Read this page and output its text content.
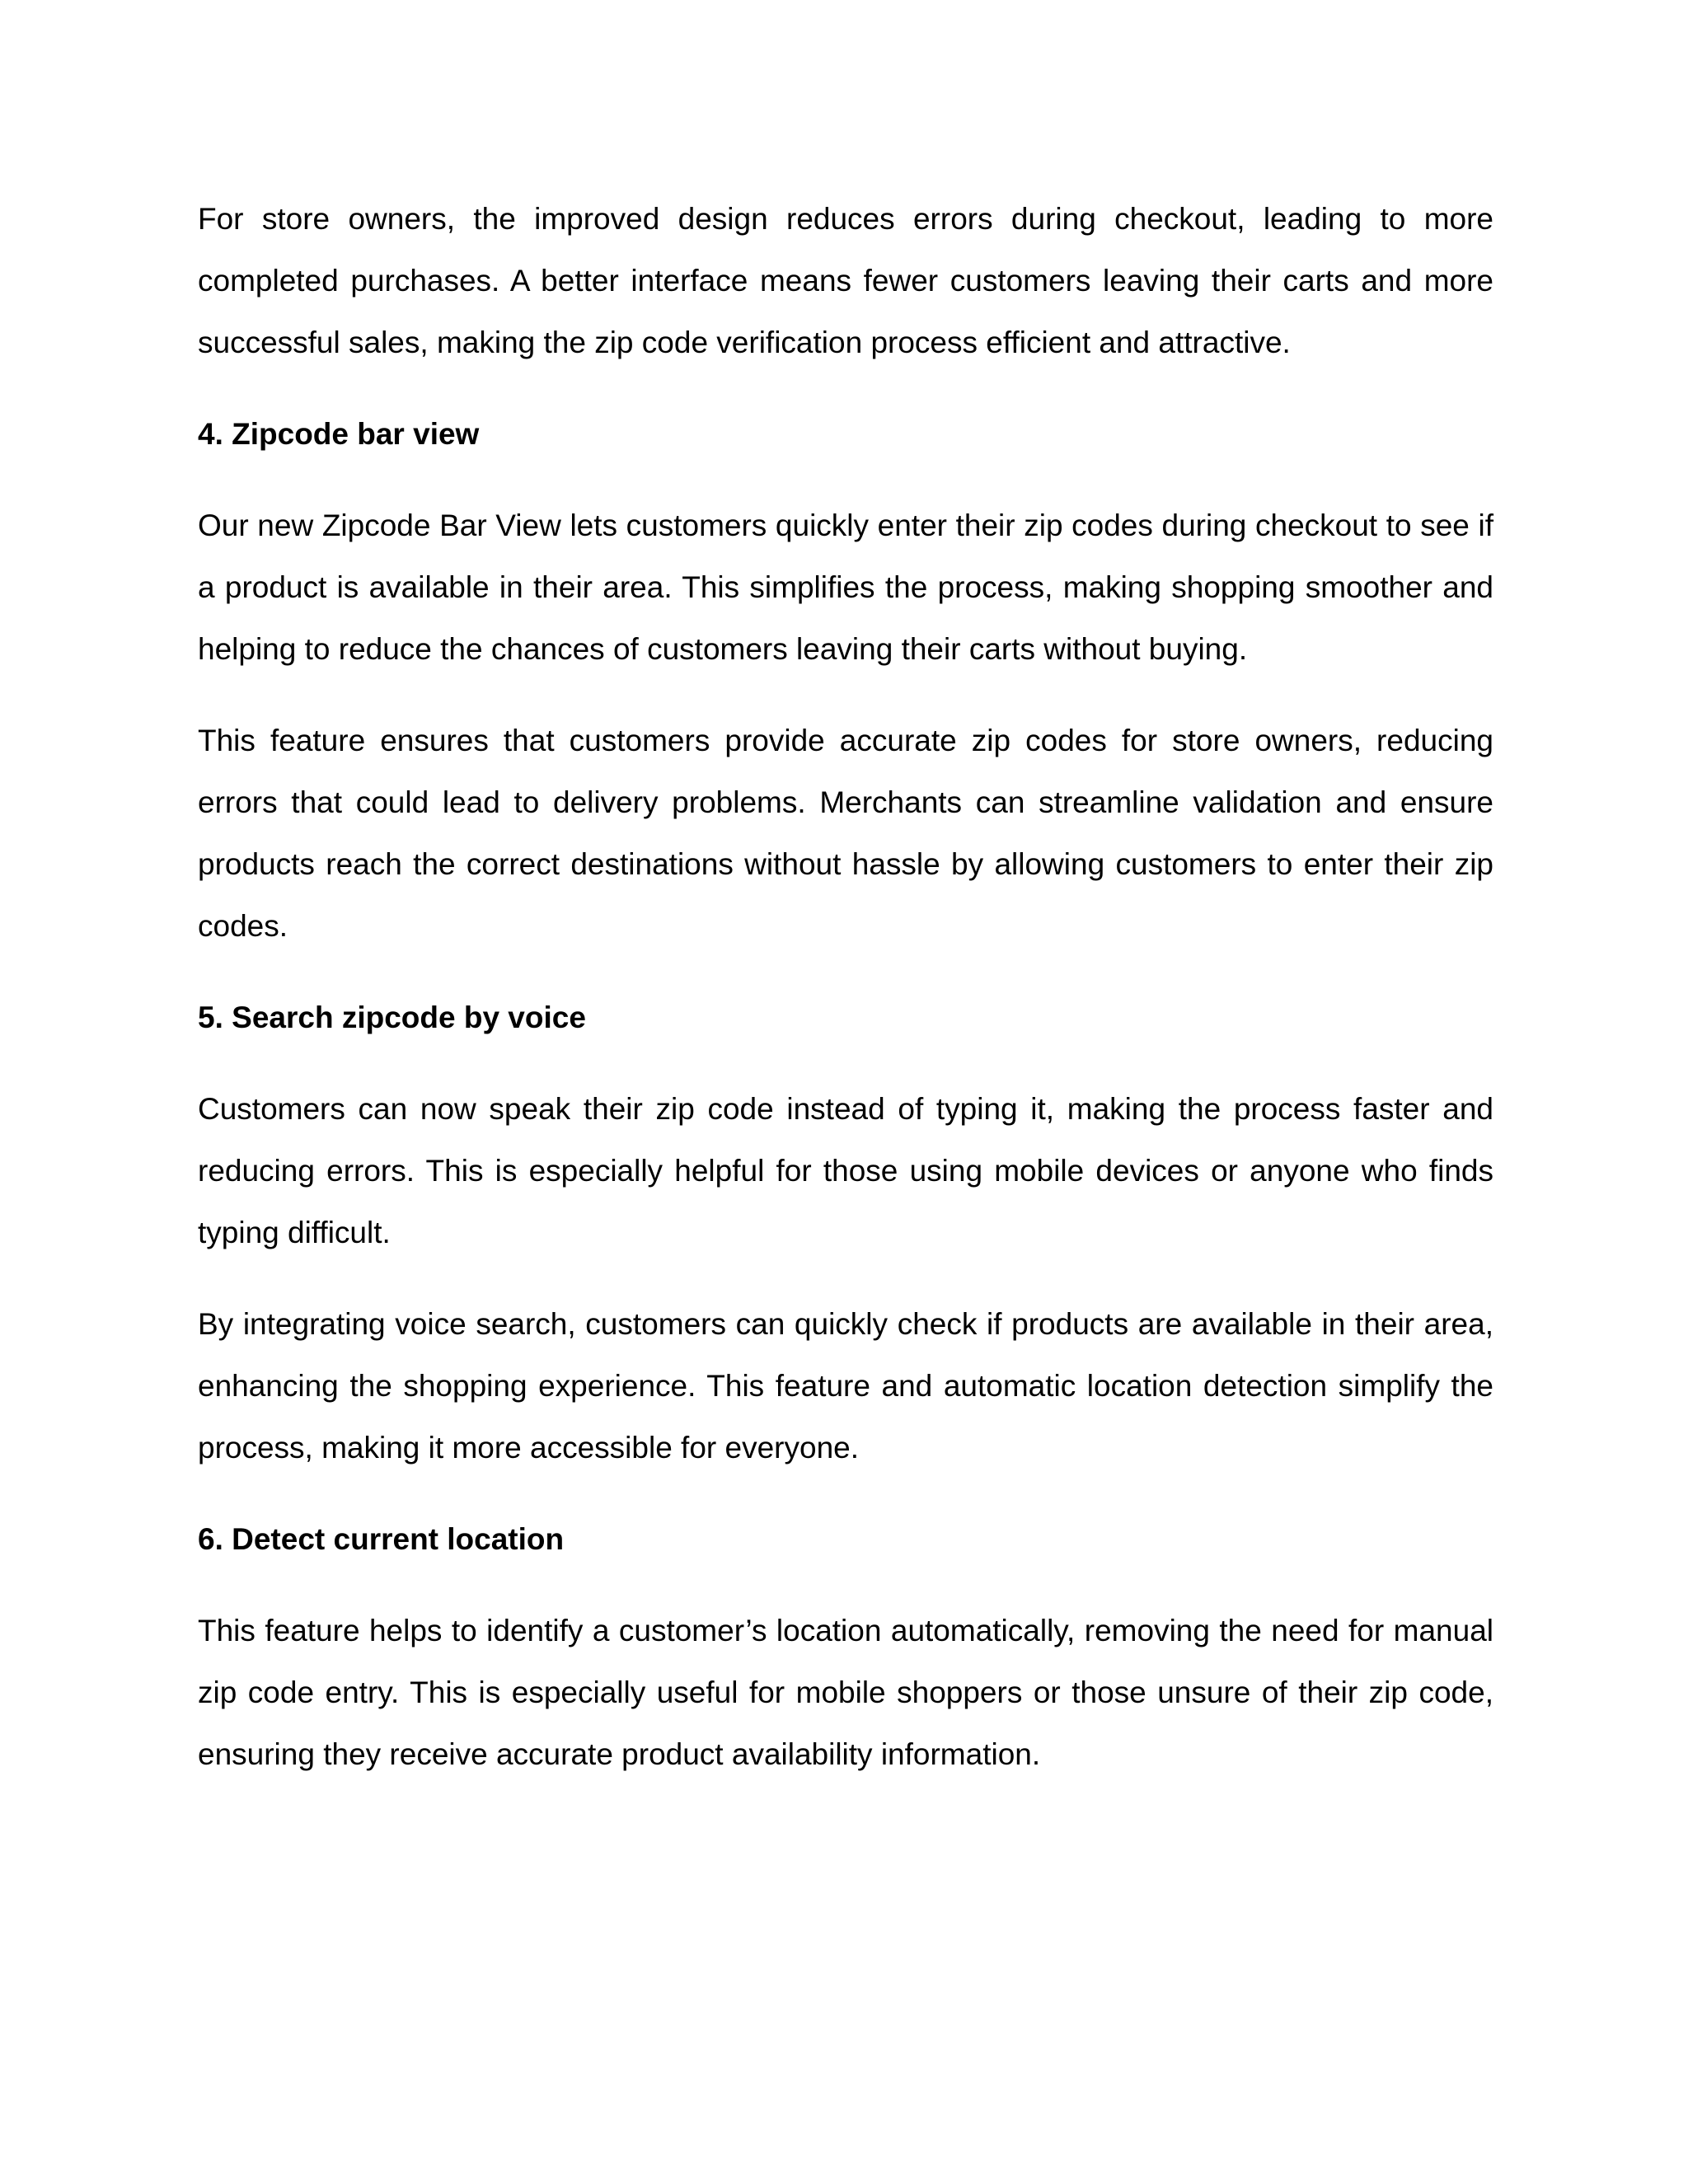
For store owners, the improved design reduces errors during checkout, leading to more completed purchases. A better interface means fewer customers leaving their carts and more successful sales, making the zip code verification process efficient and attractive.

4. Zipcode bar view

Our new Zipcode Bar View lets customers quickly enter their zip codes during checkout to see if a product is available in their area. This simplifies the process, making shopping smoother and helping to reduce the chances of customers leaving their carts without buying.

This feature ensures that customers provide accurate zip codes for store owners, reducing errors that could lead to delivery problems. Merchants can streamline validation and ensure products reach the correct destinations without hassle by allowing customers to enter their zip codes.

5. Search zipcode by voice

Customers can now speak their zip code instead of typing it, making the process faster and reducing errors. This is especially helpful for those using mobile devices or anyone who finds typing difficult.

By integrating voice search, customers can quickly check if products are available in their area, enhancing the shopping experience. This feature and automatic location detection simplify the process, making it more accessible for everyone.

6. Detect current location

This feature helps to identify a customer’s location automatically, removing the need for manual zip code entry. This is especially useful for mobile shoppers or those unsure of their zip code, ensuring they receive accurate product availability information.
